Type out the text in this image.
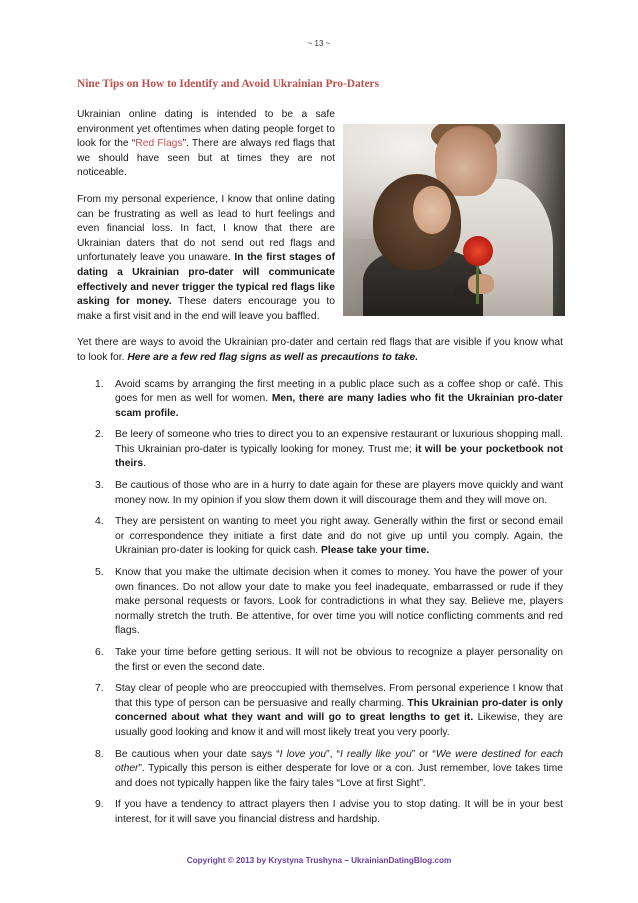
~ 13 ~
Nine Tips on How to Identify and Avoid Ukrainian Pro-Daters

Ukrainian online dating is intended to be a safe environment yet oftentimes when dating people forget to look for the “Red Flags”. There are always red flags that we should have seen but at times they are not noticeable.

From my personal experience, I know that online dating can be frustrating as well as lead to hurt feelings and even financial loss. In fact, I know that there are Ukrainian daters that do not send out red flags and unfortunately leave you unaware. In the first stages of dating a Ukrainian pro-dater will communicate effectively and never trigger the typical red flags like asking for money. These daters encourage you to make a first visit and in the end will leave you baffled.

Yet there are ways to avoid the Ukrainian pro-dater and certain red flags that are visible if you know what to look for. Here are a few red flag signs as well as precautions to take.

1.	Avoid scams by arranging the first meeting in a public place such as a coffee shop or café. This goes for men as well for women. Men, there are many ladies who fit the Ukrainian pro-dater scam profile.
2.	Be leery of someone who tries to direct you to an expensive restaurant or luxurious shopping mall. This Ukrainian pro-dater is typically looking for money. Trust me; it will be your pocketbook not theirs.
3.	Be cautious of those who are in a hurry to date again for these are players move quickly and want money now. In my opinion if you slow them down it will discourage them and they will move on.
4.	They are persistent on wanting to meet you right away. Generally within the first or second email or correspondence they initiate a first date and do not give up until you comply. Again, the Ukrainian pro-dater is looking for quick cash. Please take your time.
5.	Know that you make the ultimate decision when it comes to money. You have the power of your own finances. Do not allow your date to make you feel inadequate, embarrassed or rude if they make personal requests or favors. Look for contradictions in what they say. Believe me, players normally stretch the truth. Be attentive, for over time you will notice conflicting comments and red flags.
6.	Take your time before getting serious. It will not be obvious to recognize a player personality on the first or even the second date.
7.	Stay clear of people who are preoccupied with themselves. From personal experience I know that that this type of person can be persuasive and really charming. This Ukrainian pro-dater is only concerned about what they want and will go to great lengths to get it. Likewise, they are usually good looking and know it and will most likely treat you very poorly.
8.	Be cautious when your date says “I love you”, “I really like you” or “We were destined for each other”. Typically this person is either desperate for love or a con. Just remember, love takes time and does not typically happen like the fairy tales “Love at first Sight”.
9.	If you have a tendency to attract players then I advise you to stop dating. It will be in your best interest, for it will save you financial distress and hardship.
Copyright © 2013 by Krystyna Trushyna – UkrainianDatingBlog.com
